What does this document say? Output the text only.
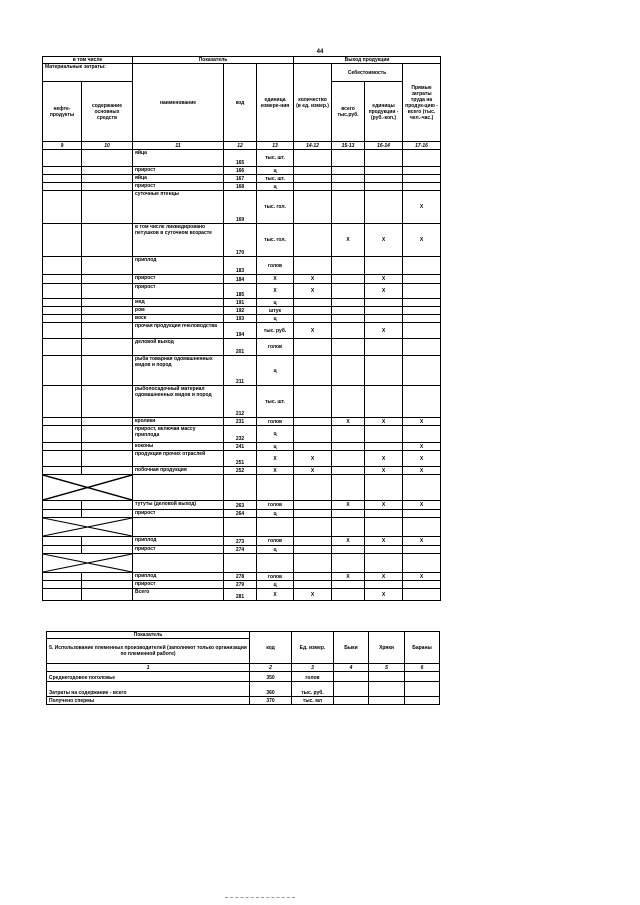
44
в том числе		Показатель			Выход продукции			
Материальные затраты:		наименование	код	единица измере-ния	количество (в ед. измер.)	Себестоимость		Прямые затраты труда на продук-цию - всего (тыс. чел.-час.)
нефте-продукты	содержание основных средств					всего тыс.руб.	единицы продукции - (руб.-коп.)	
9	10	11	12	13	14-12	15-13	16-14	17-16
		яйца	165	тыс. шт.				
		прирост	166	ц				
		яйца	167	тыс. шт.				
		прирост	168	ц				
		суточные птенцы	169	тыс. гол.				X
		в том числе ликвидировано петушков в суточном возрасте	170	тыс. гол.		X	X	X
		приплод	183	голов				
		прирост	184	X	X		X	
		прирост	185	X	X		X	
		мед	191	ц				
		ром	192	штук				
		воск	193	ц				
		прочая продукция пчеловодства	194	тыс. руб.	X		X	
		деловой выход	201	голов				
		рыба товарная одомашненных видов и пород	211	ц				
		рыбопосадочный материал одомашненных видов и пород	212	тыс. шт.				
		кролики	231	голов		X	X	X
		прирост, включая массу приплода	232	ц				
		коконы	241	ц				X
		продукция прочих отраслей	251	X	X		X	X
		побочная продукция	252	X	X		X	X

		тутуты (деловой выход)	263	голов		X	X	X
		прирост	264	ц				

		приплод	273	голов		X	X	X
		прирост	274	ц				

		приплод	278	голов		X	X	X
		прирост	279	ц				
		Всего	281	X	X		X	
Показатель	код	Ед. измер.	Быки	Хряки	Бараны
5. Использование племенных производителей (заполняют только организации по племенной работе)					
1	2	3	4	5	6
Среднегодовое поголовье	350	голов			
Затраты на содержание - всего	360	тыс. руб.			
Получено спермы	370	тыс. мл			
